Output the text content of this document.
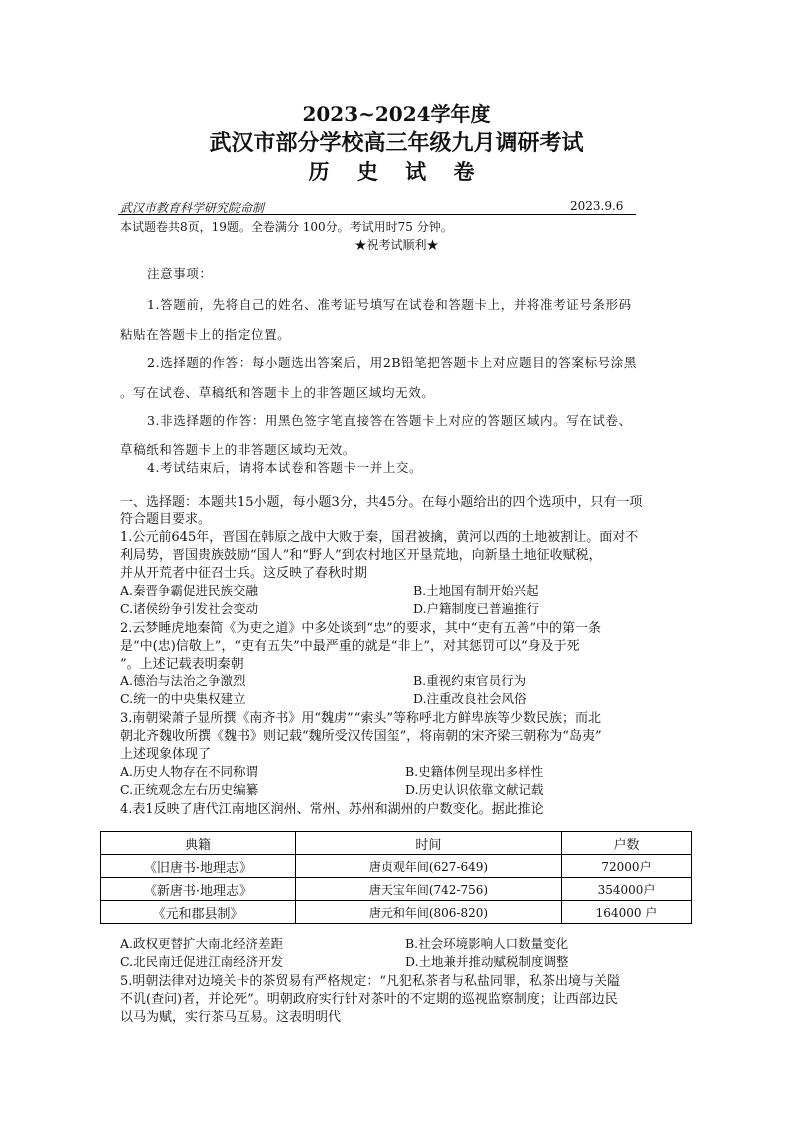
2023~2024学年度
武汉市部分学校高三年级九月调研考试
历 史 试 卷
武汉市教育科学研究院命制	2023.9.6
本试题卷共8页，19题。全卷满分 100分。考试用时75 分钟。
★祝考试顺利★
注意事项：
1.答题前，先将自己的姓名、准考证号填写在试卷和答题卡上，并将准考证号条形码
粘贴在答题卡上的指定位置。
2.选择题的作答：每小题选出答案后，用2B铅笔把答题卡上对应题目的答案标号涂黑
。写在试卷、草稿纸和答题卡上的非答题区域均无效。
3.非选择题的作答：用黑色签字笔直接答在答题卡上对应的答题区域内。写在试卷、
草稿纸和答题卡上的非答题区域均无效。
4.考试结束后，请将本试卷和答题卡一并上交。
一、选择题：本题共15小题，每小题3分，共45分。在每小题给出的四个选项中，只有一项
符合题目要求。
1.公元前645年，晋国在韩原之战中大败于秦，国君被擒，黄河以西的土地被割让。面对不
利局势，晋国贵族鼓励“国人”和“野人”到农村地区开垦荒地，向新垦土地征收赋税，
并从开荒者中征召士兵。这反映了春秋时期
A.秦晋争霸促进民族交融	B.土地国有制开始兴起
C.诸侯纷争引发社会变动	D.户籍制度已普遍推行
2.云梦睡虎地秦简《为吏之道》中多处谈到“忠”的要求，其中“吏有五善”中的第一条
是“中(忠)信敬上”，“吏有五失”中最严重的就是“非上”，对其惩罚可以“身及于死
”。上述记载表明秦朝
A.德治与法治之争激烈	B.重视约束官员行为
C.统一的中央集权建立	D.注重改良社会风俗
3.南朝梁萧子显所撰《南齐书》用“魏虏”“索头”等称呼北方鲜卑族等少数民族；而北
朝北齐魏收所撰《魏书》则记载“魏所受汉传国玺”，将南朝的宋齐梁三朝称为“岛夷”
上述现象体现了
A.历史人物存在不同称谓	B.史籍体例呈现出多样性
C.正统观念左右历史编纂	D.历史认识依靠文献记载
4.表1反映了唐代江南地区润州、常州、苏州和湖州的户数变化。据此推论
典籍	时间	户数
《旧唐书·地理志》	唐贞观年间(627-649)	72000户
《新唐书·地理志》	唐天宝年间(742-756)	354000户
《元和郡县制》	唐元和年间(806-820)	164000 户
A.政权更替扩大南北经济差距	B.社会环境影响人口数量变化
C.北民南迁促进江南经济开发	D.土地兼并推动赋税制度调整
5.明朝法律对边境关卡的茶贸易有严格规定：“凡犯私茶者与私盐同罪，私茶出境与关隘
不讥(查问)者，并论死”。明朝政府实行针对茶叶的不定期的巡视监察制度；让西部边民
以马为赋，实行茶马互易。这表明明代
